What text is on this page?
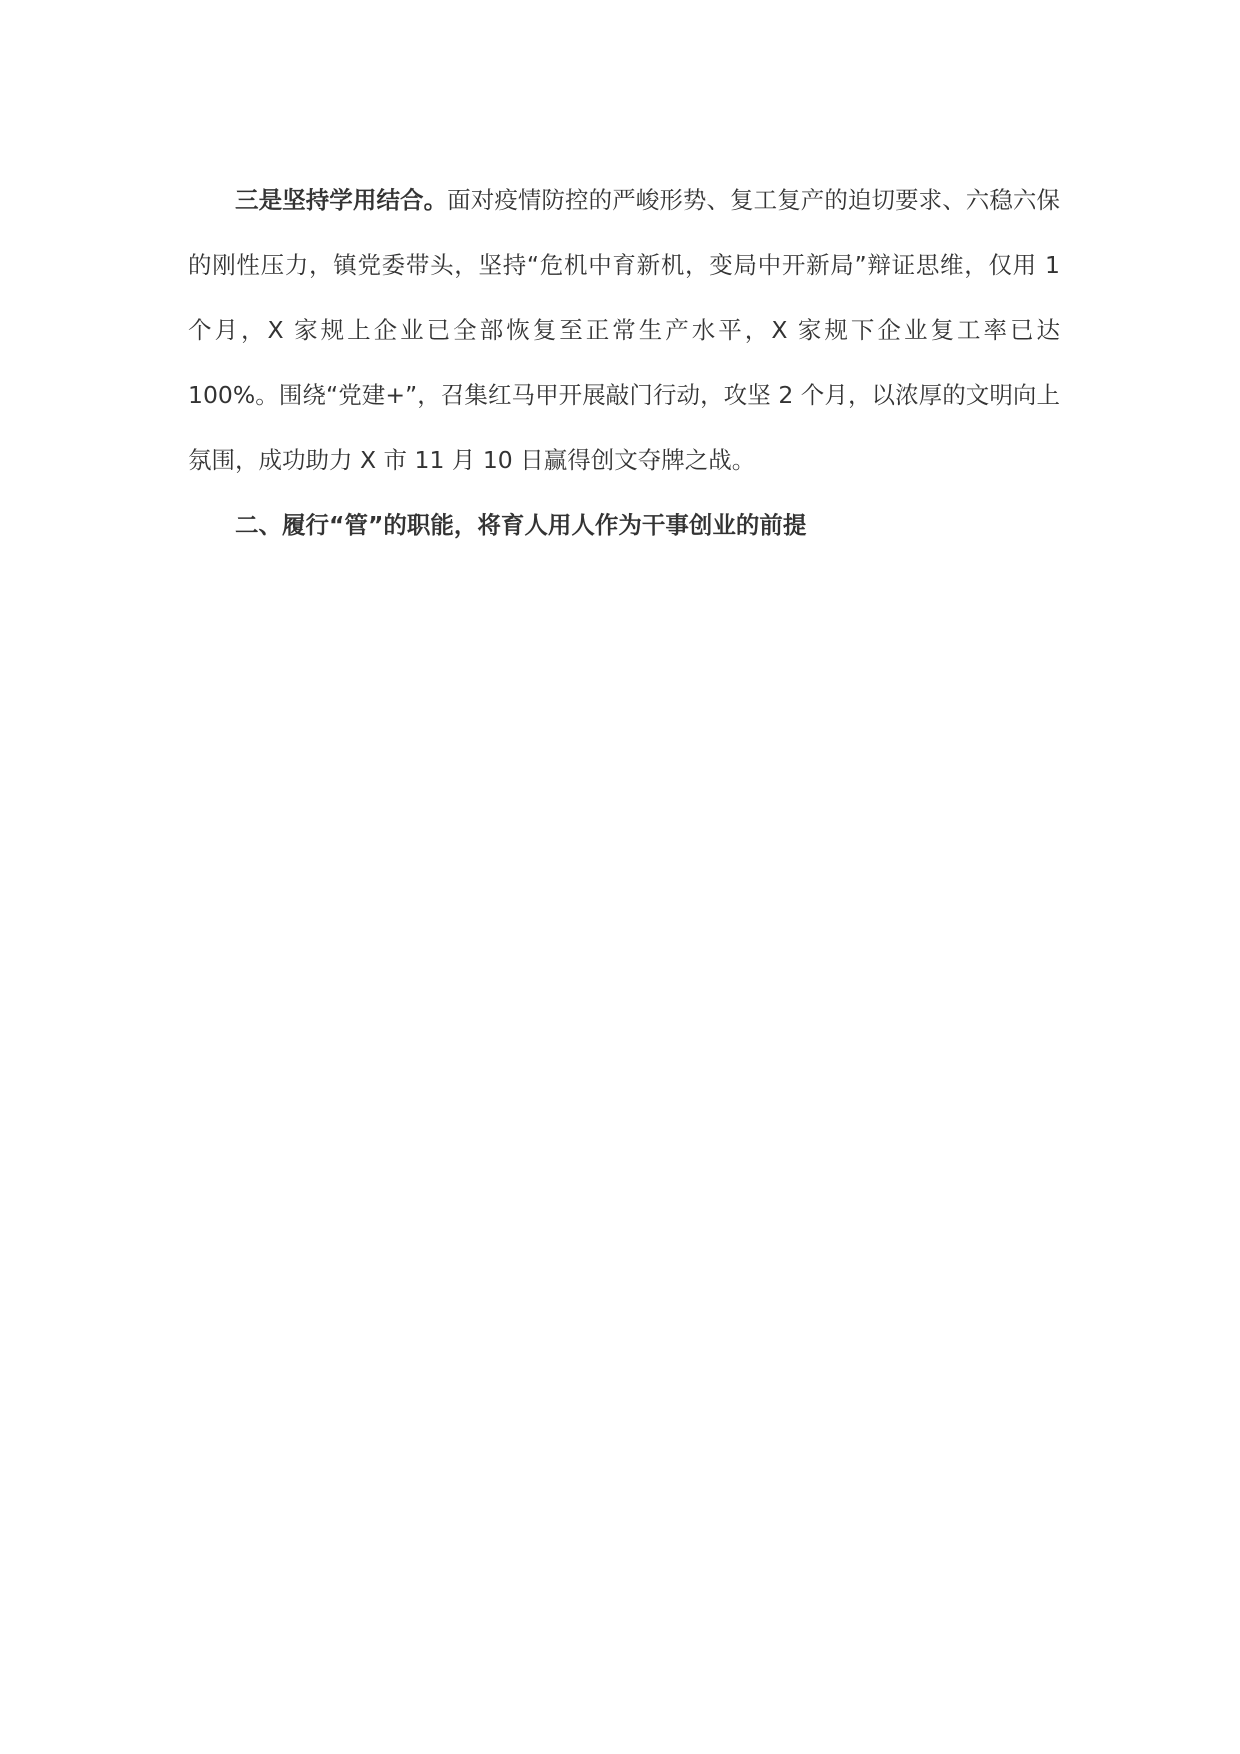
三是坚持学用结合。面对疫情防控的严峻形势、复工复产的迫切要求、六稳六保的刚性压力，镇党委带头，坚持“危机中育新机，变局中开新局”辩证思维，仅用 1 个月，X 家规上企业已全部恢复至正常生产水平，X 家规下企业复工率已达 100%。围绕“党建+”，召集红马甲开展敲门行动，攻坚 2 个月，以浓厚的文明向上氛围，成功助力 X 市 11 月 10 日赢得创文夺牌之战。

二、履行“管”的职能，将育人用人作为干事创业的前提
